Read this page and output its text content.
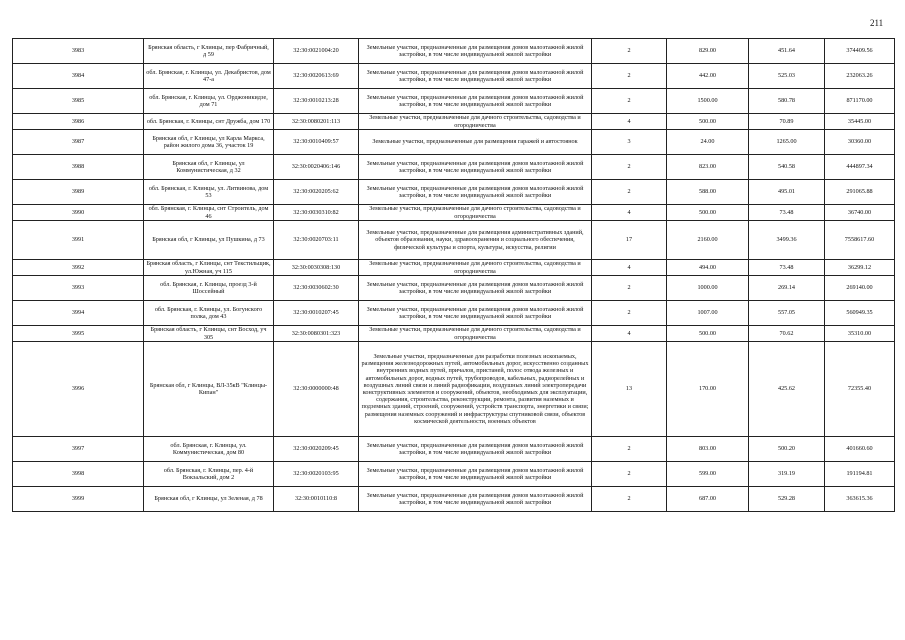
211
3983	Брянская область, г Клинцы, пер Фабричный, д 59	32:30:0021004:20	Земельные участки, предназначенные для размещения домов малоэтажной жилой застройки, в том числе индивидуальной жилой застройки	2	829.00	451.64	374409.56
3984	обл. Брянская, г. Клинцы, ул. Декабристов, дом 47-а	32:30:0020613:69	Земельные участки, предназначенные для размещения домов малоэтажной жилой застройки, в том числе индивидуальной жилой застройки	2	442.00	525.03	232063.26
3985	обл. Брянская, г. Клинцы, ул. Орджоникидзе, дом 71	32:30:0010213:28	Земельные участки, предназначенные для размещения домов малоэтажной жилой застройки, в том числе индивидуальной жилой застройки	2	1500.00	580.78	871170.00
3986	обл. Брянская, г. Клинцы, снт Дружба, дом 170	32:30:0080201:113	Земельные участки, предназначенные для дачного строительства, садоводства и огородничества	4	500.00	70.89	35445.00
3987	Брянская обл, г Клинцы, ул Карла Маркса, район жилого дома 36, участок 19	32:30:0010409:57	Земельные участки, предназначенные для размещения гаражей и автостоянок	3	24.00	1265.00	30360.00
3988	Брянская обл, г Клинцы, ул Коммунистическая, д 32	32:30:0020406:146	Земельные участки, предназначенные для размещения домов малоэтажной жилой застройки, в том числе индивидуальной жилой застройки	2	823.00	540.58	444897.34
3989	обл. Брянская, г. Клинцы, ул. Литвинова, дом 53	32:30:0020205:62	Земельные участки, предназначенные для размещения домов малоэтажной жилой застройки, в том числе индивидуальной жилой застройки	2	588.00	495.01	291065.88
3990	обл. Брянская, г. Клинцы, снт Строитель, дом 46	32:30:0030310:82	Земельные участки, предназначенные для дачного строительства, садоводства и огородничества	4	500.00	73.48	36740.00
3991	Брянская обл, г Клинцы, ул Пушкина, д 73	32:30:0020703:11	Земельные участки, предназначенные для размещения административных зданий, объектов образования, науки, здравоохранения и социального обеспечения, физической культуры и спорта, культуры, искусства, религии	17	2160.00	3499.36	7558617.60
3992	Брянская область, г Клинцы, снт Текстильщик, ул.Южная, уч 115	32:30:0030308:130	Земельные участки, предназначенные для дачного строительства, садоводства и огородничества	4	494.00	73.48	36299.12
3993	обл. Брянская, г. Клинцы, проезд 3-й Шоссейный	32:30:0030602:30	Земельные участки, предназначенные для размещения домов малоэтажной жилой застройки, в том числе индивидуальной жилой застройки	2	1000.00	269.14	269140.00
3994	обл. Брянская, г. Клинцы, ул. Богунского полка, дом 43	32:30:0010207:45	Земельные участки, предназначенные для размещения домов малоэтажной жилой застройки, в том числе индивидуальной жилой застройки	2	1007.00	557.05	560949.35
3995	Брянская область, г Клинцы, снт Восход, уч 305	32:30:0080301:323	Земельные участки, предназначенные для дачного строительства, садоводства и огородничества	4	500.00	70.62	35310.00
3996	Брянская обл, г Клинцы, ВЛ-35кВ "Клинцы-Кипан"	32:30:0000000:48	Земельные участки, предназначенные для разработки полезных ископаемых, размещения железнодорожных путей, автомобильных дорог, искусственно созданных внутренних водных путей, причалов, пристаней, полос отвода железных и автомобильных дорог, водных путей, трубопроводов, кабельных, радиорелейных и воздушных линий связи и линий радиофикации, воздушных линий электропередачи конструктивных элементов и сооружений, объектов, необходимых для эксплуатации, содержания, строительства, реконструкции, ремонта, развития наземных и подземных зданий, строений, сооружений, устройств транспорта, энергетики и связи; размещения наземных сооружений и инфраструктуры спутниковой связи, объектов космической деятельности, военных объектов	13	170.00	425.62	72355.40
3997	обл. Брянская, г. Клинцы, ул. Коммунистическая, дом 80	32:30:0020209:45	Земельные участки, предназначенные для размещения домов малоэтажной жилой застройки, в том числе индивидуальной жилой застройки	2	803.00	500.20	401660.60
3998	обл. Брянская, г. Клинцы, пер. 4-й Вокзальский, дом 2	32:30:0020103:95	Земельные участки, предназначенные для размещения домов малоэтажной жилой застройки, в том числе индивидуальной жилой застройки	2	599.00	319.19	191194.81
3999	Брянская обл, г Клинцы, ул Зеленая, д 78	32:30:0010110:8	Земельные участки, предназначенные для размещения домов малоэтажной жилой застройки, в том числе индивидуальной жилой застройки	2	687.00	529.28	363615.36
